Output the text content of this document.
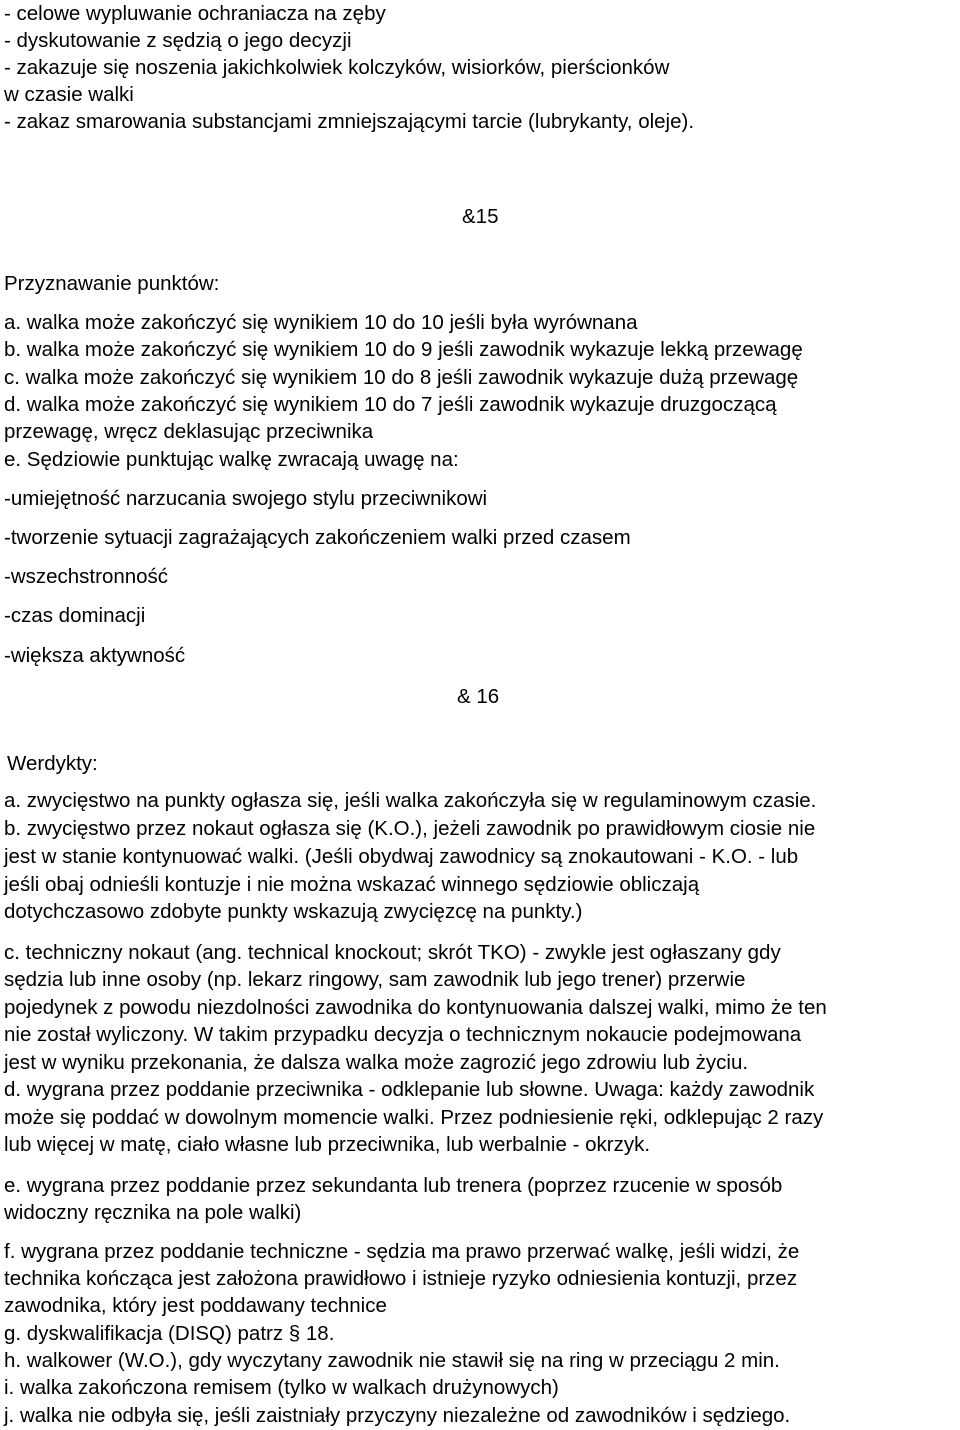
- celowe wypluwanie ochraniacza na zęby

- dyskutowanie z sędzią o jego decyzji

- zakazuje się noszenia jakichkolwiek kolczyków, wisiorków, pierścionków

w czasie walki

- zakaz smarowania substancjami zmniejszającymi tarcie (lubrykanty, oleje).

&15

Przyznawanie punktów:

a. walka może zakończyć się wynikiem 10 do 10 jeśli była wyrównana

b. walka może zakończyć się wynikiem 10 do 9 jeśli zawodnik wykazuje lekką przewagę

c. walka może zakończyć się wynikiem 10 do 8 jeśli zawodnik wykazuje dużą przewagę

d. walka może zakończyć się wynikiem 10 do 7 jeśli zawodnik wykazuje druzgoczącą

przewagę, wręcz deklasując przeciwnika

e. Sędziowie punktując walkę zwracają uwagę na:

-umiejętność narzucania swojego stylu przeciwnikowi

-tworzenie sytuacji zagrażających zakończeniem walki przed czasem

-wszechstronność

-czas dominacji

-większa aktywność

& 16

Werdykty:

a. zwycięstwo na punkty ogłasza się, jeśli walka zakończyła się w regulaminowym czasie.

b. zwycięstwo przez nokaut ogłasza się (K.O.), jeżeli zawodnik po prawidłowym ciosie nie

jest w stanie kontynuować walki. (Jeśli obydwaj zawodnicy są znokautowani - K.O. - lub

jeśli obaj odnieśli kontuzje i nie można wskazać winnego sędziowie obliczają

dotychczasowo zdobyte punkty wskazują zwycięzcę na punkty.)

c. techniczny nokaut (ang. technical knockout; skrót TKO) - zwykle jest ogłaszany gdy

sędzia lub inne osoby (np. lekarz ringowy, sam zawodnik lub jego trener) przerwie

pojedynek z powodu niezdolności zawodnika do kontynuowania dalszej walki, mimo że ten

nie został wyliczony. W takim przypadku decyzja o technicznym nokaucie podejmowana

jest w wyniku przekonania, że dalsza walka może zagrozić jego zdrowiu lub życiu.

d. wygrana przez poddanie przeciwnika - odklepanie lub słowne. Uwaga: każdy zawodnik

może się poddać w dowolnym momencie walki. Przez podniesienie ręki, odklepując 2 razy

lub więcej w matę, ciało własne lub przeciwnika, lub werbalnie - okrzyk.

e. wygrana przez poddanie przez sekundanta lub trenera (poprzez rzucenie w sposób

widoczny ręcznika na pole walki)

f. wygrana przez poddanie techniczne - sędzia ma prawo przerwać walkę, jeśli widzi, że

technika kończąca jest założona prawidłowo i istnieje ryzyko odniesienia kontuzji, przez

zawodnika, który jest poddawany technice

g. dyskwalifikacja (DISQ) patrz § 18.

h. walkower (W.O.), gdy wyczytany zawodnik nie stawił się na ring w przeciągu 2 min.

i. walka zakończona remisem (tylko w walkach drużynowych)

j. walka nie odbyła się, jeśli zaistniały przyczyny niezależne od zawodników i sędziego.
